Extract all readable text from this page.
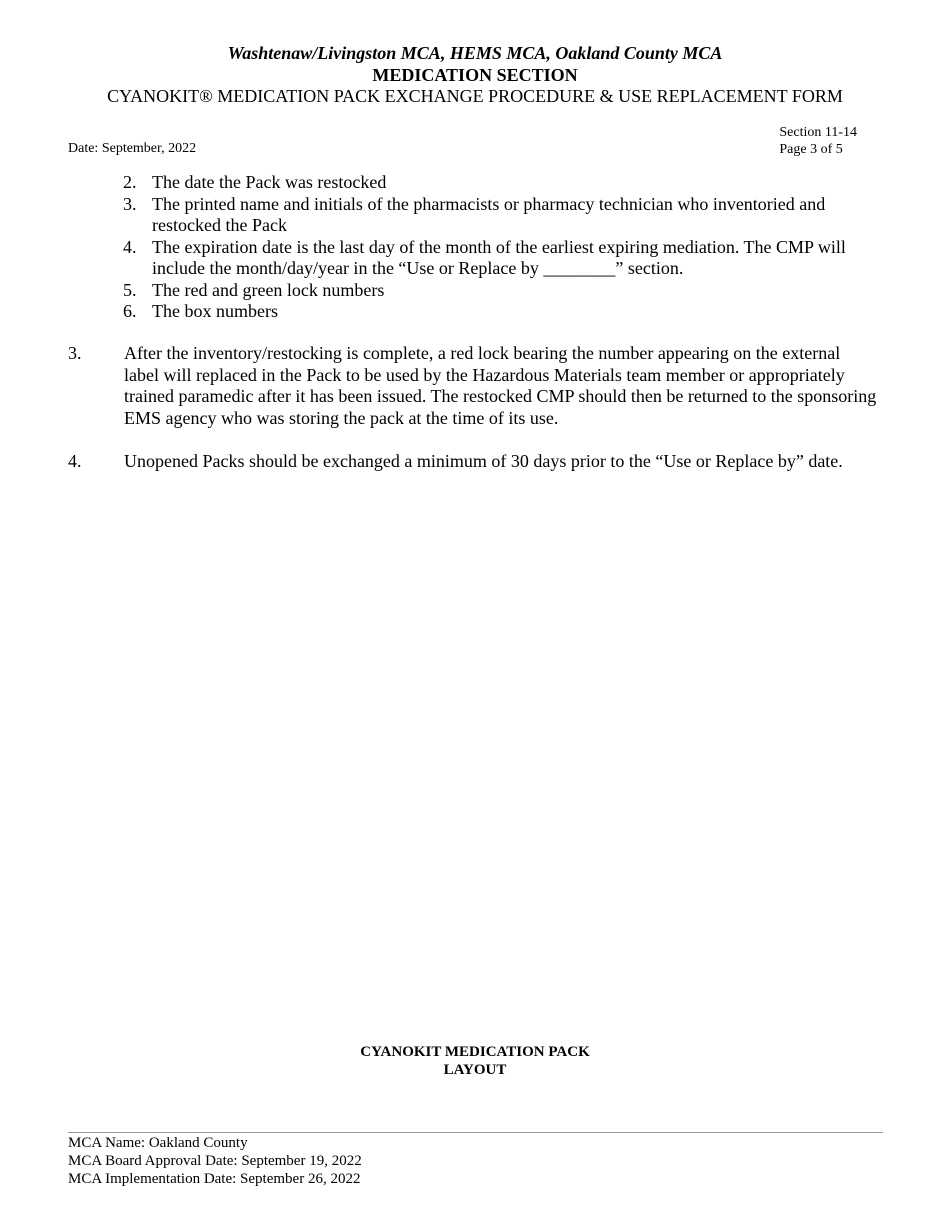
Washtenaw/Livingston MCA, HEMS MCA, Oakland County MCA
MEDICATION SECTION
CYANOKIT® MEDICATION PACK EXCHANGE PROCEDURE & USE REPLACEMENT FORM
Date: September, 2022
Section 11-14
Page 3 of 5
2. The date the Pack was restocked
3. The printed name and initials of the pharmacists or pharmacy technician who inventoried and restocked the Pack
4. The expiration date is the last day of the month of the earliest expiring mediation. The CMP will include the month/day/year in the “Use or Replace by ________” section.
5. The red and green lock numbers
6. The box numbers
3.	After the inventory/restocking is complete, a red lock bearing the number appearing on the external label will replaced in the Pack to be used by the Hazardous Materials team member or appropriately trained paramedic after it has been issued. The restocked CMP should then be returned to the sponsoring EMS agency who was storing the pack at the time of its use.
4.	Unopened Packs should be exchanged a minimum of 30 days prior to the “Use or Replace by” date.
CYANOKIT MEDICATION PACK
LAYOUT
MCA Name: Oakland County
MCA Board Approval Date: September 19, 2022
MCA Implementation Date: September 26, 2022
